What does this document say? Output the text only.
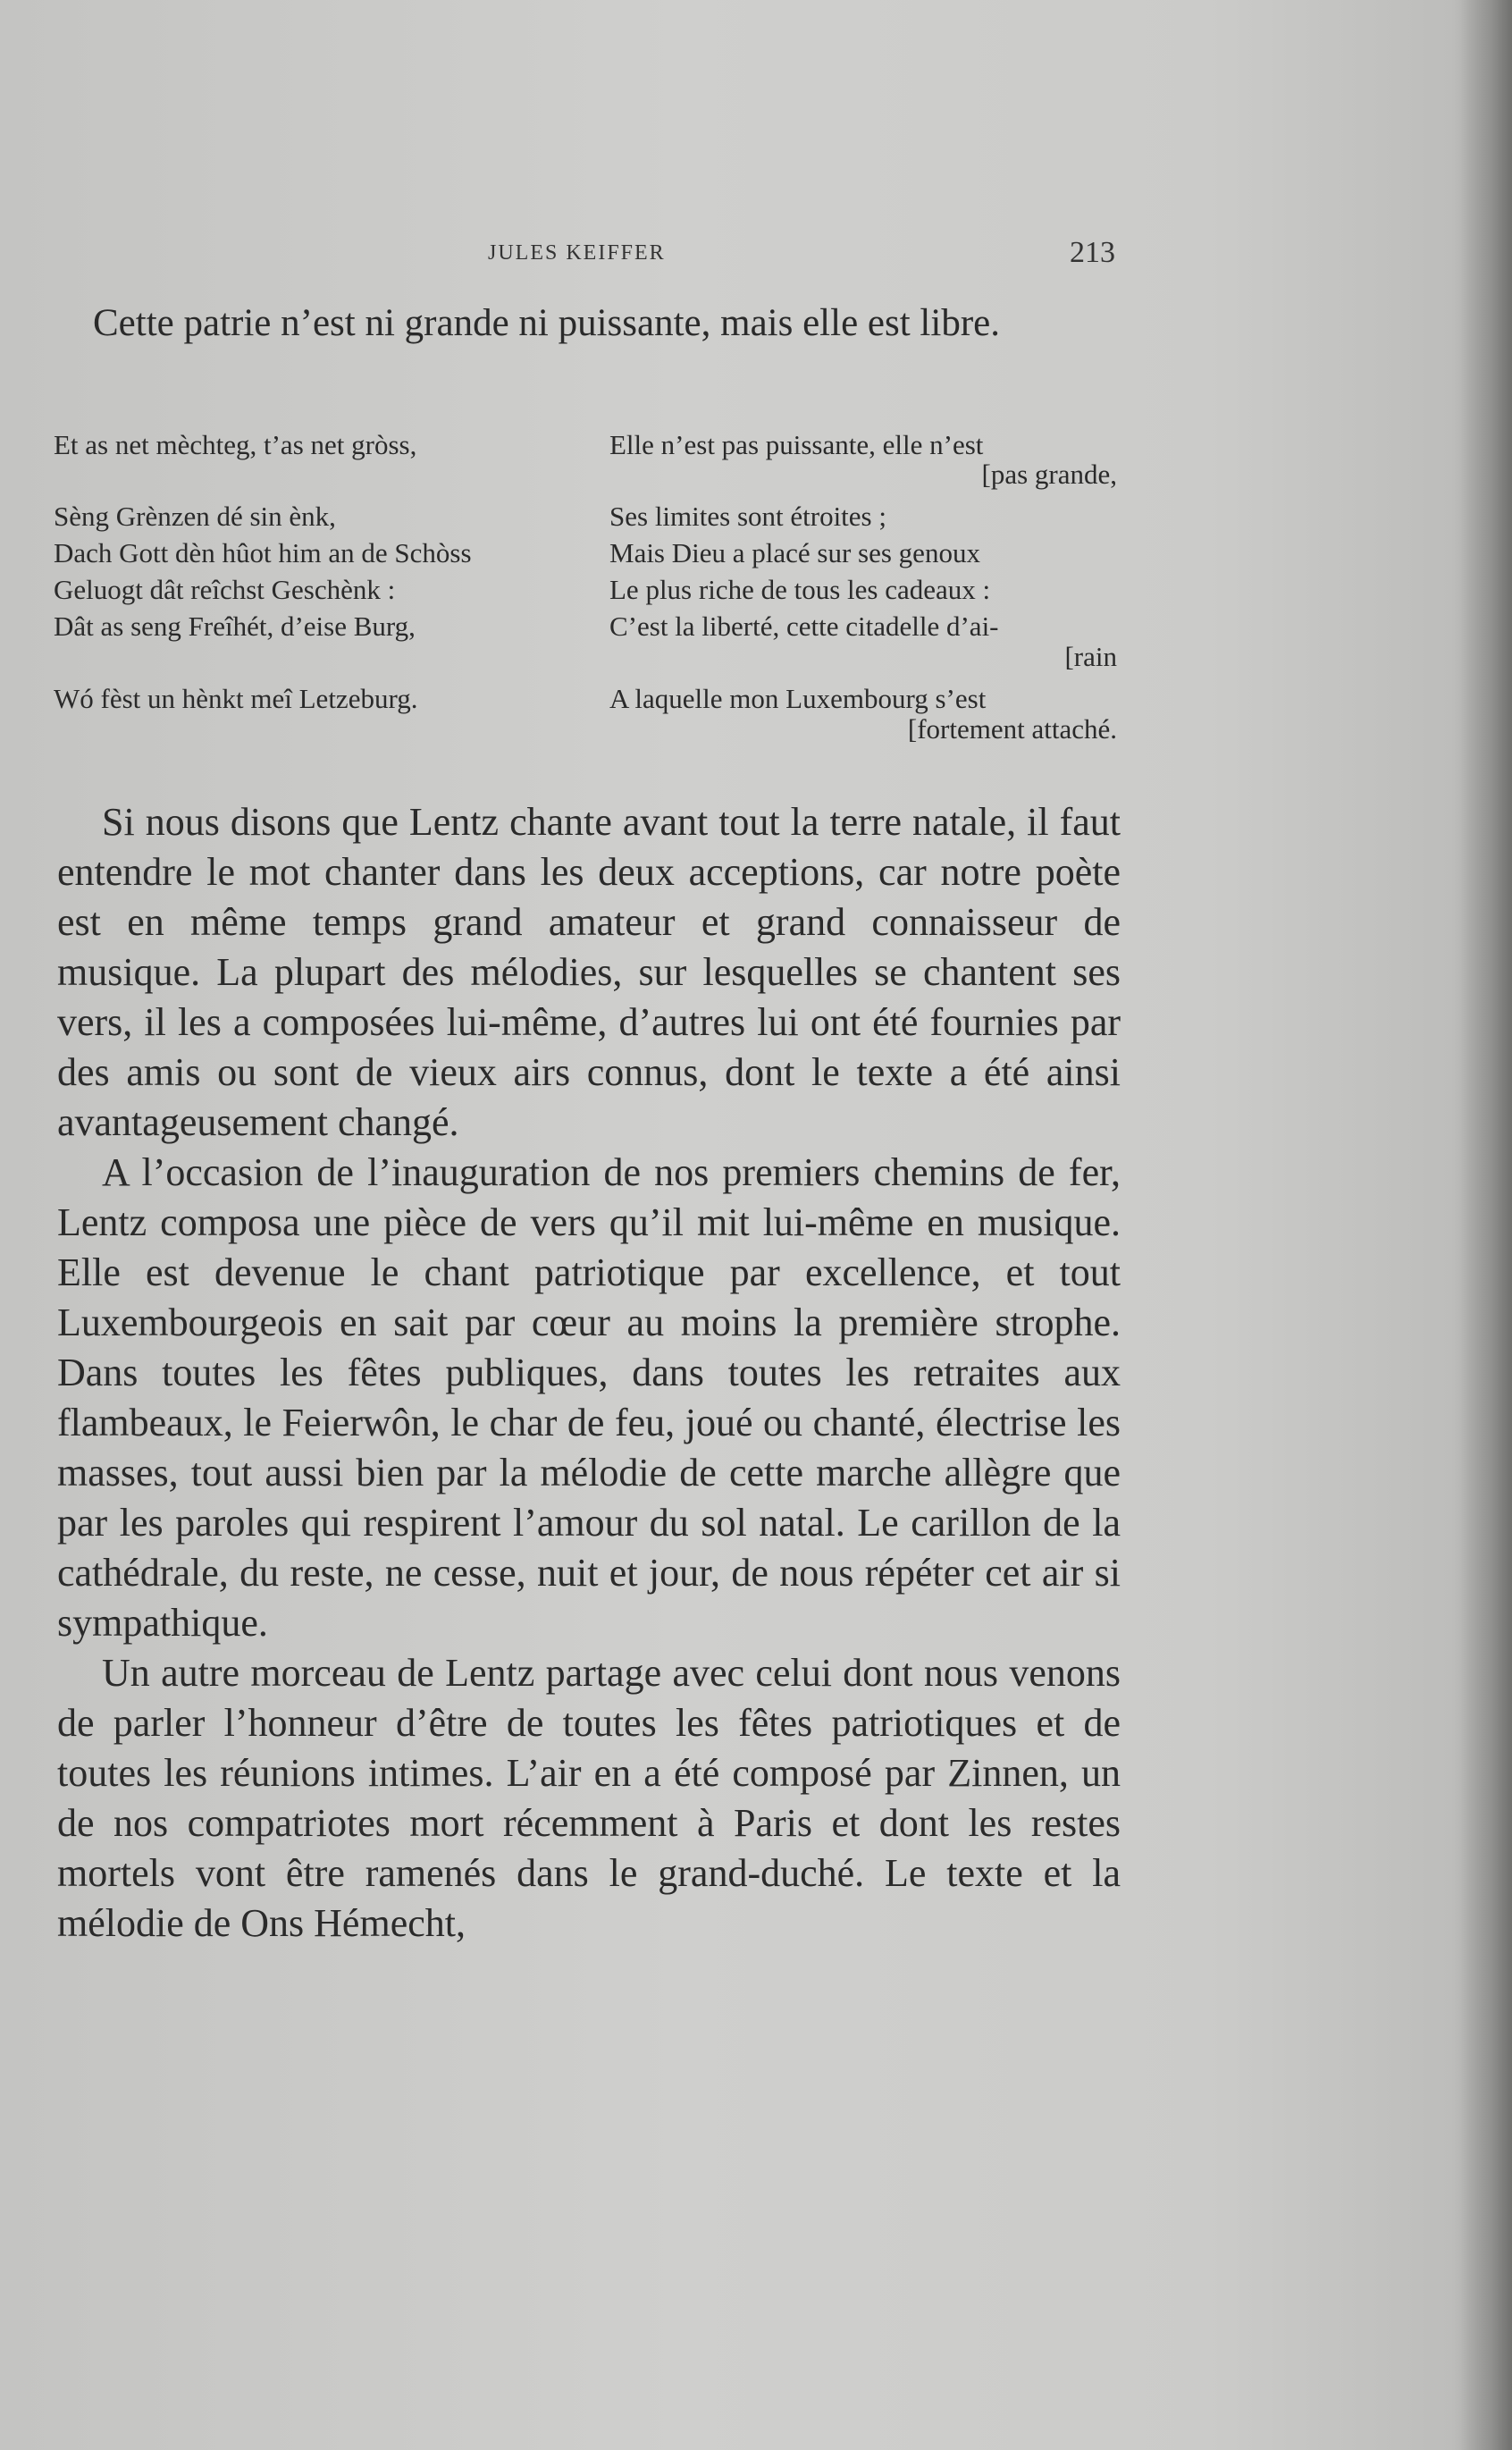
JULES KEIFFER	213

Cette patrie n’est ni grande ni puissante, mais elle est libre.

Et as net mèchteg, t’as net gròss,
Sèng Grènzen dé sin ènk,
Dach Gott dèn hûot him an de Schòss
Geluogt dât reîchst Geschènk :
Dât as seng Freîhét, d’eise Burg,
Wó fèst un hènkt meî Letzeburg.
Elle n’est pas puissante, elle n’est
[pas grande,
Ses limites sont étroites ;
Mais Dieu a placé sur ses genoux
Le plus riche de tous les cadeaux :
C’est la liberté, cette citadelle d’ai-
[rain
A laquelle mon Luxembourg s’est
[fortement attaché.

Si nous disons que Lentz chante avant tout la terre natale, il faut entendre le mot chanter dans les deux acceptions, car notre poète est en même temps grand amateur et grand connaisseur de musique. La plupart des mélodies, sur lesquelles se chantent ses vers, il les a composées lui-même, d’autres lui ont été fournies par des amis ou sont de vieux airs connus, dont le texte a été ainsi avantageusement changé.

A l’occasion de l’inauguration de nos premiers chemins de fer, Lentz composa une pièce de vers qu’il mit lui-même en musique. Elle est devenue le chant patriotique par excellence, et tout Luxembourgeois en sait par cœur au moins la première strophe. Dans toutes les fêtes publiques, dans toutes les retraites aux flambeaux, le Feierwôn, le char de feu, joué ou chanté, électrise les masses, tout aussi bien par la mélodie de cette marche allègre que par les paroles qui respirent l’amour du sol natal. Le carillon de la cathédrale, du reste, ne cesse, nuit et jour, de nous répéter cet air si sympathique.

Un autre morceau de Lentz partage avec celui dont nous venons de parler l’honneur d’être de toutes les fêtes patriotiques et de toutes les réunions intimes. L’air en a été composé par Zinnen, un de nos compatriotes mort récemment à Paris et dont les restes mortels vont être ramenés dans le grand-duché. Le texte et la mélodie de Ons Hémecht,
